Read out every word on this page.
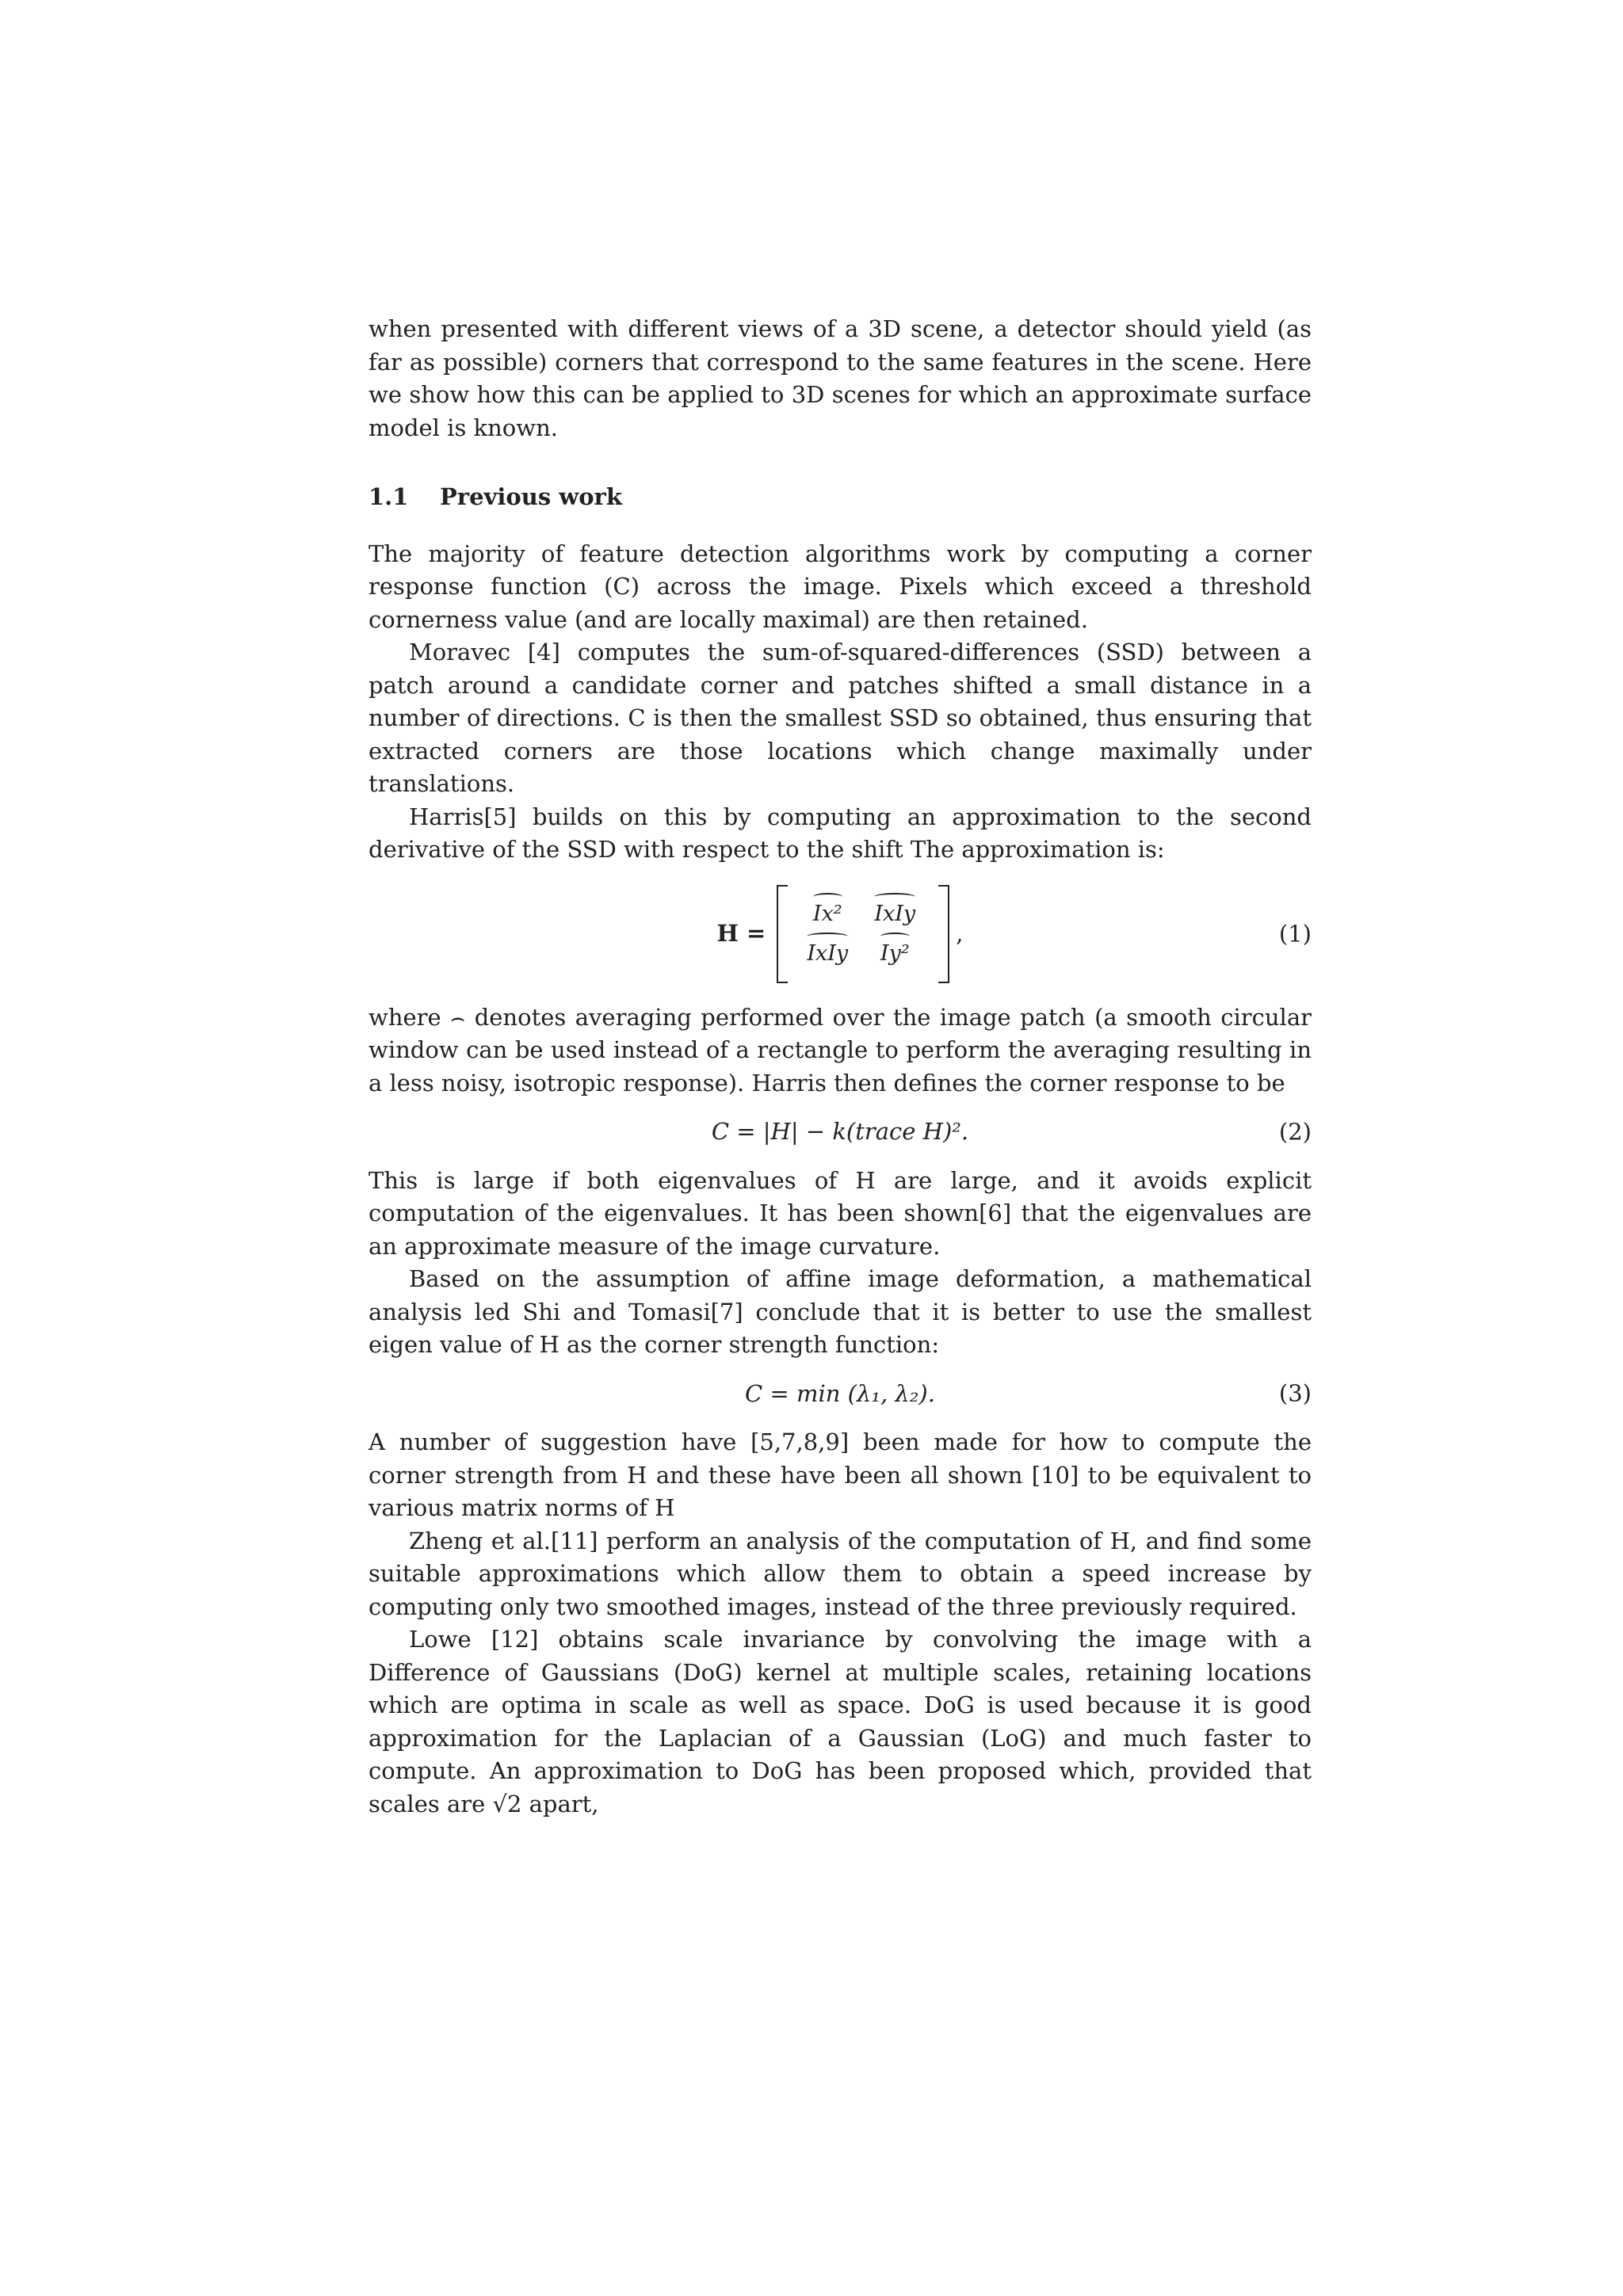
when presented with different views of a 3D scene, a detector should yield (as far as possible) corners that correspond to the same features in the scene. Here we show how this can be applied to 3D scenes for which an approximate surface model is known.

1.1 Previous work

The majority of feature detection algorithms work by computing a corner response function (C) across the image. Pixels which exceed a threshold cornerness value (and are locally maximal) are then retained.

Moravec [4] computes the sum-of-squared-differences (SSD) between a patch around a candidate corner and patches shifted a small distance in a number of directions. C is then the smallest SSD so obtained, thus ensuring that extracted corners are those locations which change maximally under translations.

Harris[5] builds on this by computing an approximation to the second derivative of the SSD with respect to the shift The approximation is:

H =
Ix² IxIy
IxIy Iy²
,	(1)

where ⌢ denotes averaging performed over the image patch (a smooth circular window can be used instead of a rectangle to perform the averaging resulting in a less noisy, isotropic response). Harris then defines the corner response to be

C = |H| − k(trace H)².	(2)

This is large if both eigenvalues of H are large, and it avoids explicit computation of the eigenvalues. It has been shown[6] that the eigenvalues are an approximate measure of the image curvature.

Based on the assumption of affine image deformation, a mathematical analysis led Shi and Tomasi[7] conclude that it is better to use the smallest eigen value of H as the corner strength function:

C = min (λ₁, λ₂).	(3)

A number of suggestion have [5,7,8,9] been made for how to compute the corner strength from H and these have been all shown [10] to be equivalent to various matrix norms of H

Zheng et al.[11] perform an analysis of the computation of H, and find some suitable approximations which allow them to obtain a speed increase by computing only two smoothed images, instead of the three previously required.

Lowe [12] obtains scale invariance by convolving the image with a Difference of Gaussians (DoG) kernel at multiple scales, retaining locations which are optima in scale as well as space. DoG is used because it is good approximation for the Laplacian of a Gaussian (LoG) and much faster to compute. An approximation to DoG has been proposed which, provided that scales are √2 apart,
